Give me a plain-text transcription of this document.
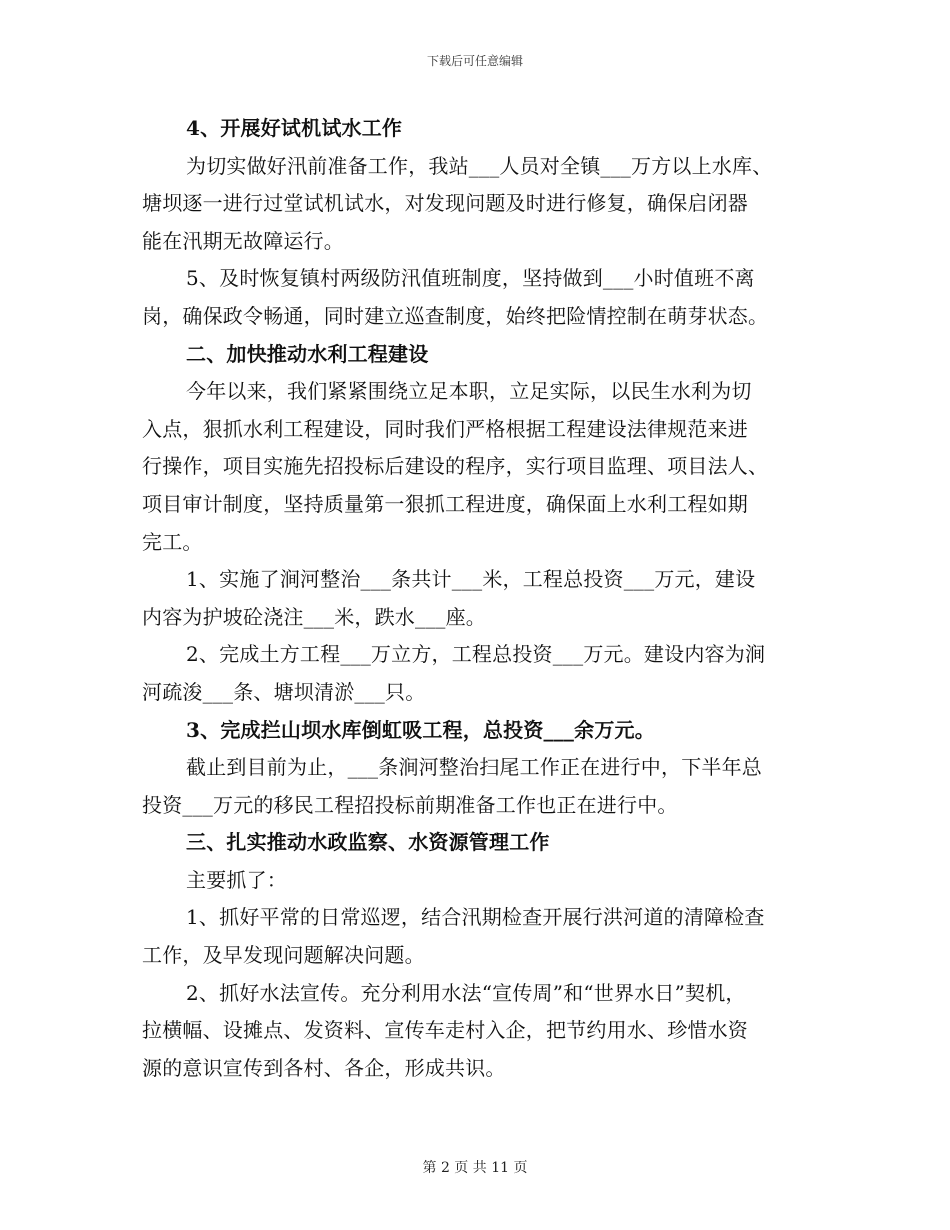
下载后可任意编辑
4、开展好试机试水工作
为切实做好汛前准备工作，我站___人员对全镇___万方以上水库、
塘坝逐一进行过堂试机试水，对发现问题及时进行修复，确保启闭器
能在汛期无故障运行。
5、及时恢复镇村两级防汛值班制度，坚持做到___小时值班不离
岗，确保政令畅通，同时建立巡查制度，始终把险情控制在萌芽状态。
二、加快推动水利工程建设
今年以来，我们紧紧围绕立足本职，立足实际，以民生水利为切
入点，狠抓水利工程建设，同时我们严格根据工程建设法律规范来进
行操作，项目实施先招投标后建设的程序，实行项目监理、项目法人、
项目审计制度，坚持质量第一狠抓工程进度，确保面上水利工程如期
完工。
1、实施了涧河整治___条共计___米，工程总投资___万元，建设
内容为护坡砼浇注___米，跌水___座。
2、完成土方工程___万立方，工程总投资___万元。建设内容为涧
河疏浚___条、塘坝清淤___只。
3、完成拦山坝水库倒虹吸工程，总投资___余万元。
截止到目前为止，___条涧河整治扫尾工作正在进行中，下半年总
投资___万元的移民工程招投标前期准备工作也正在进行中。
三、扎实推动水政监察、水资源管理工作
主要抓了：
1、抓好平常的日常巡逻，结合汛期检查开展行洪河道的清障检查
工作，及早发现问题解决问题。
2、抓好水法宣传。充分利用水法“宣传周”和“世界水日”契机，
拉横幅、设摊点、发资料、宣传车走村入企，把节约用水、珍惜水资
源的意识宣传到各村、各企，形成共识。
第 2 页 共 11 页
